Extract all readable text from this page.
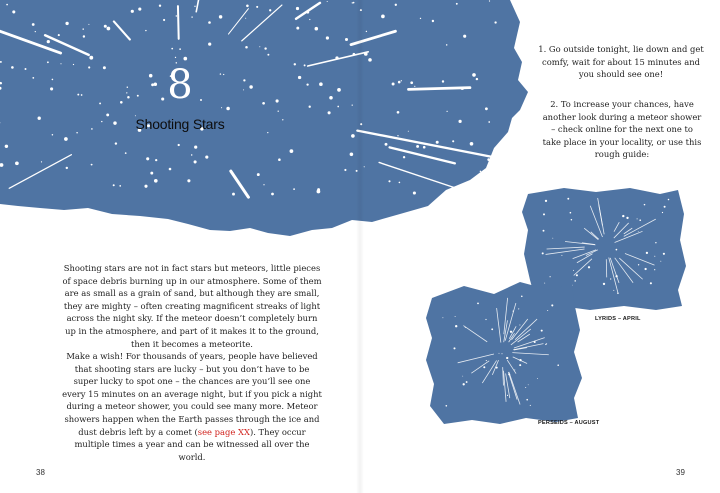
8
Shooting Stars

Shooting stars are not in fact stars but meteors, little pieces of space debris burning up in our atmosphere. Some of them are as small as a grain of sand, but although they are small, they are mighty – often creating magnificent streaks of light across the night sky. If the meteor doesn’t completely burn up in the atmosphere, and part of it makes it to the ground, then it becomes a meteorite.

Make a wish! For thousands of years, people have believed that shooting stars are lucky – but you don’t have to be super lucky to spot one – the chances are you’ll see one every 15 minutes on an average night, but if you pick a night during a meteor shower, you could see many more. Meteor showers happen when the Earth passes through the ice and dust debris left by a comet (see page XX). They occur multiple times a year and can be witnessed all over the world.

38
1. Go outside tonight, lie down and get comfy, wait for about 15 minutes and you should see one!
2. To increase your chances, have another look during a meteor shower – check online for the next one to take place in your locality, or use this rough guide:
LYRIDS – APRIL
PERSEIDS – AUGUST
39
